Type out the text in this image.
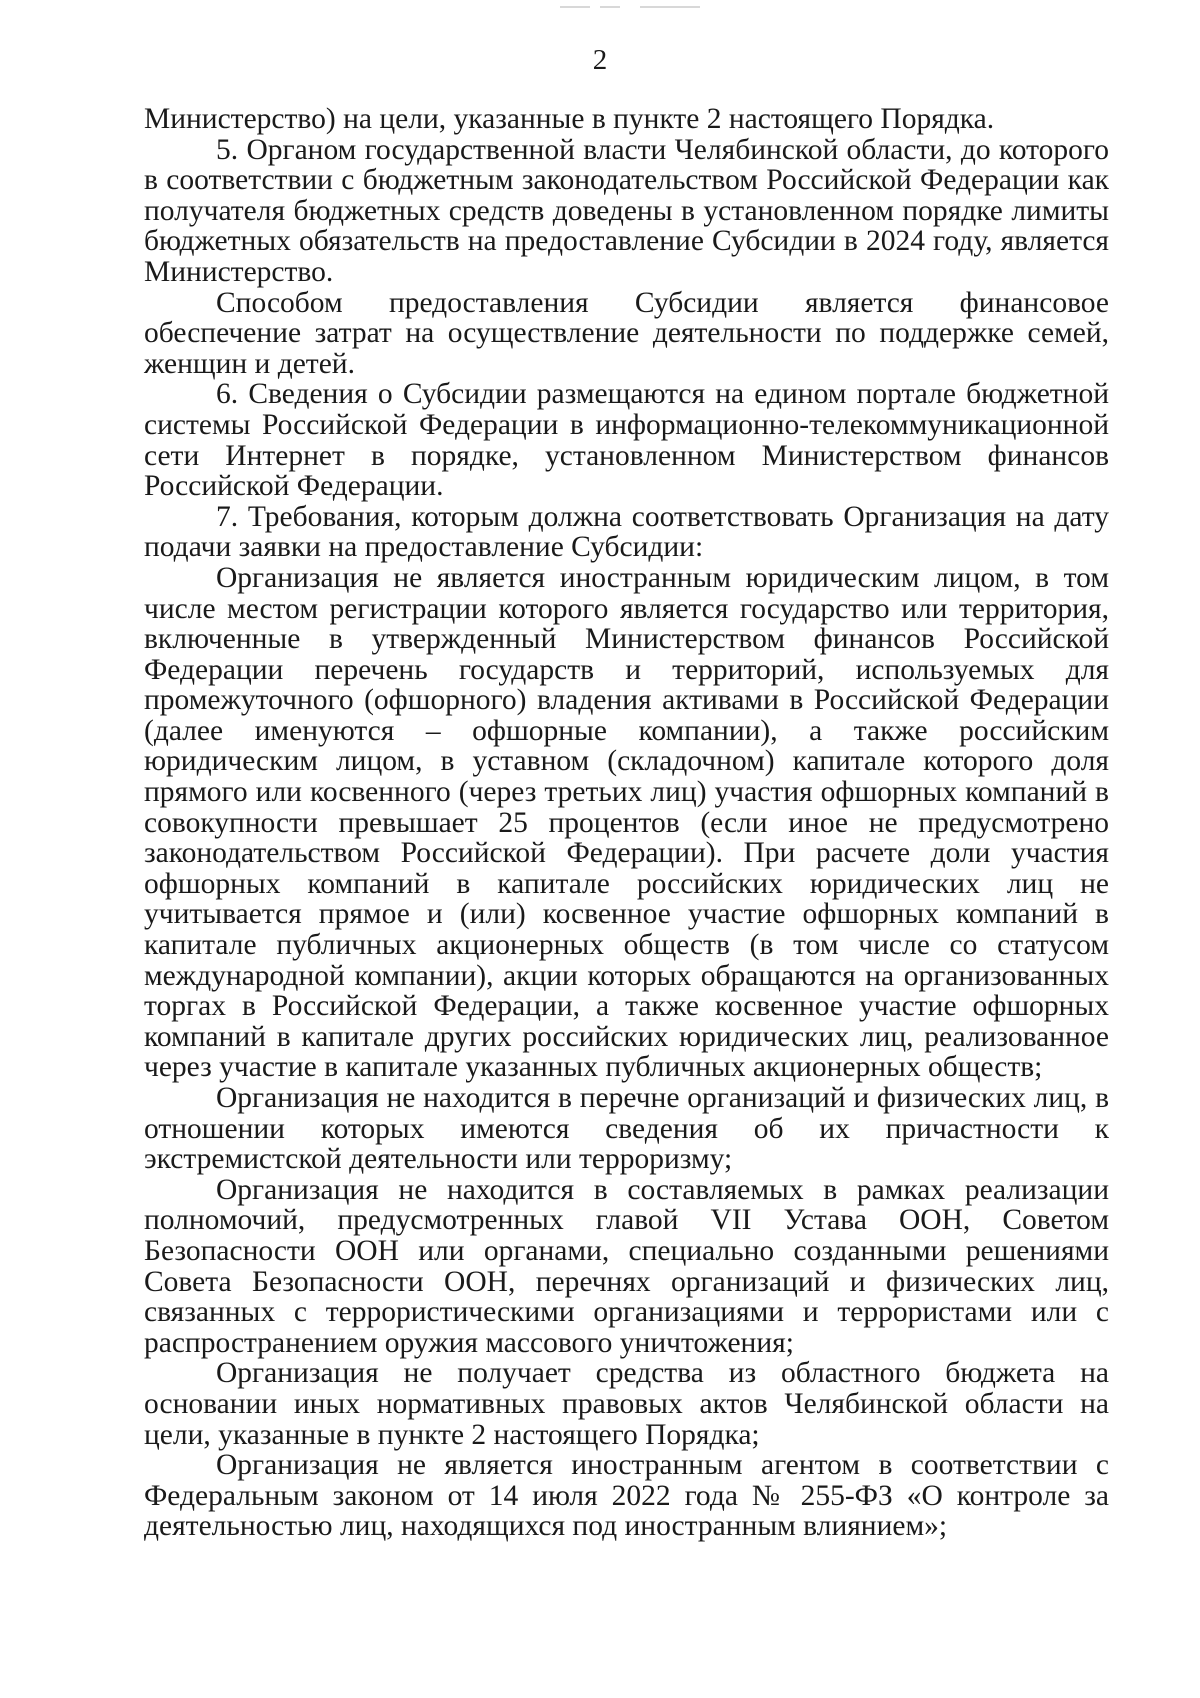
2

Министерство) на цели, указанные в пункте 2 настоящего Порядка.

5. Органом государственной власти Челябинской области, до которого в соответствии с бюджетным законодательством Российской Федерации как получателя бюджетных средств доведены в установленном порядке лимиты бюджетных обязательств на предоставление Субсидии в 2024 году, является Министерство.

Способом предоставления Субсидии является финансовое обеспечение затрат на осуществление деятельности по поддержке семей, женщин и детей.

6. Сведения о Субсидии размещаются на едином портале бюджетной системы Российской Федерации в информационно-телекоммуникационной сети Интернет в порядке, установленном Министерством финансов Российской Федерации.

7. Требования, которым должна соответствовать Организация на дату подачи заявки на предоставление Субсидии:

Организация не является иностранным юридическим лицом, в том числе местом регистрации которого является государство или территория, включенные в утвержденный Министерством финансов Российской Федерации перечень государств и территорий, используемых для промежуточного (офшорного) владения активами в Российской Федерации (далее именуются – офшорные компании), а также российским юридическим лицом, в уставном (складочном) капитале которого доля прямого или косвенного (через третьих лиц) участия офшорных компаний в совокупности превышает 25 процентов (если иное не предусмотрено законодательством Российской Федерации). При расчете доли участия офшорных компаний в капитале российских юридических лиц не учитывается прямое и (или) косвенное участие офшорных компаний в капитале публичных акционерных обществ (в том числе со статусом международной компании), акции которых обращаются на организованных торгах в Российской Федерации, а также косвенное участие офшорных компаний в капитале других российских юридических лиц, реализованное через участие в капитале указанных публичных акционерных обществ;

Организация не находится в перечне организаций и физических лиц, в отношении которых имеются сведения об их причастности к экстремистской деятельности или терроризму;

Организация не находится в составляемых в рамках реализации полномочий, предусмотренных главой VII Устава ООН, Советом Безопасности ООН или органами, специально созданными решениями Совета Безопасности ООН, перечнях организаций и физических лиц, связанных с террористическими организациями и террористами или с распространением оружия массового уничтожения;

Организация не получает средства из областного бюджета на основании иных нормативных правовых актов Челябинской области на цели, указанные в пункте 2 настоящего Порядка;

Организация не является иностранным агентом в соответствии с Федеральным законом от 14 июля 2022 года № 255-ФЗ «О контроле за деятельностью лиц, находящихся под иностранным влиянием»;
